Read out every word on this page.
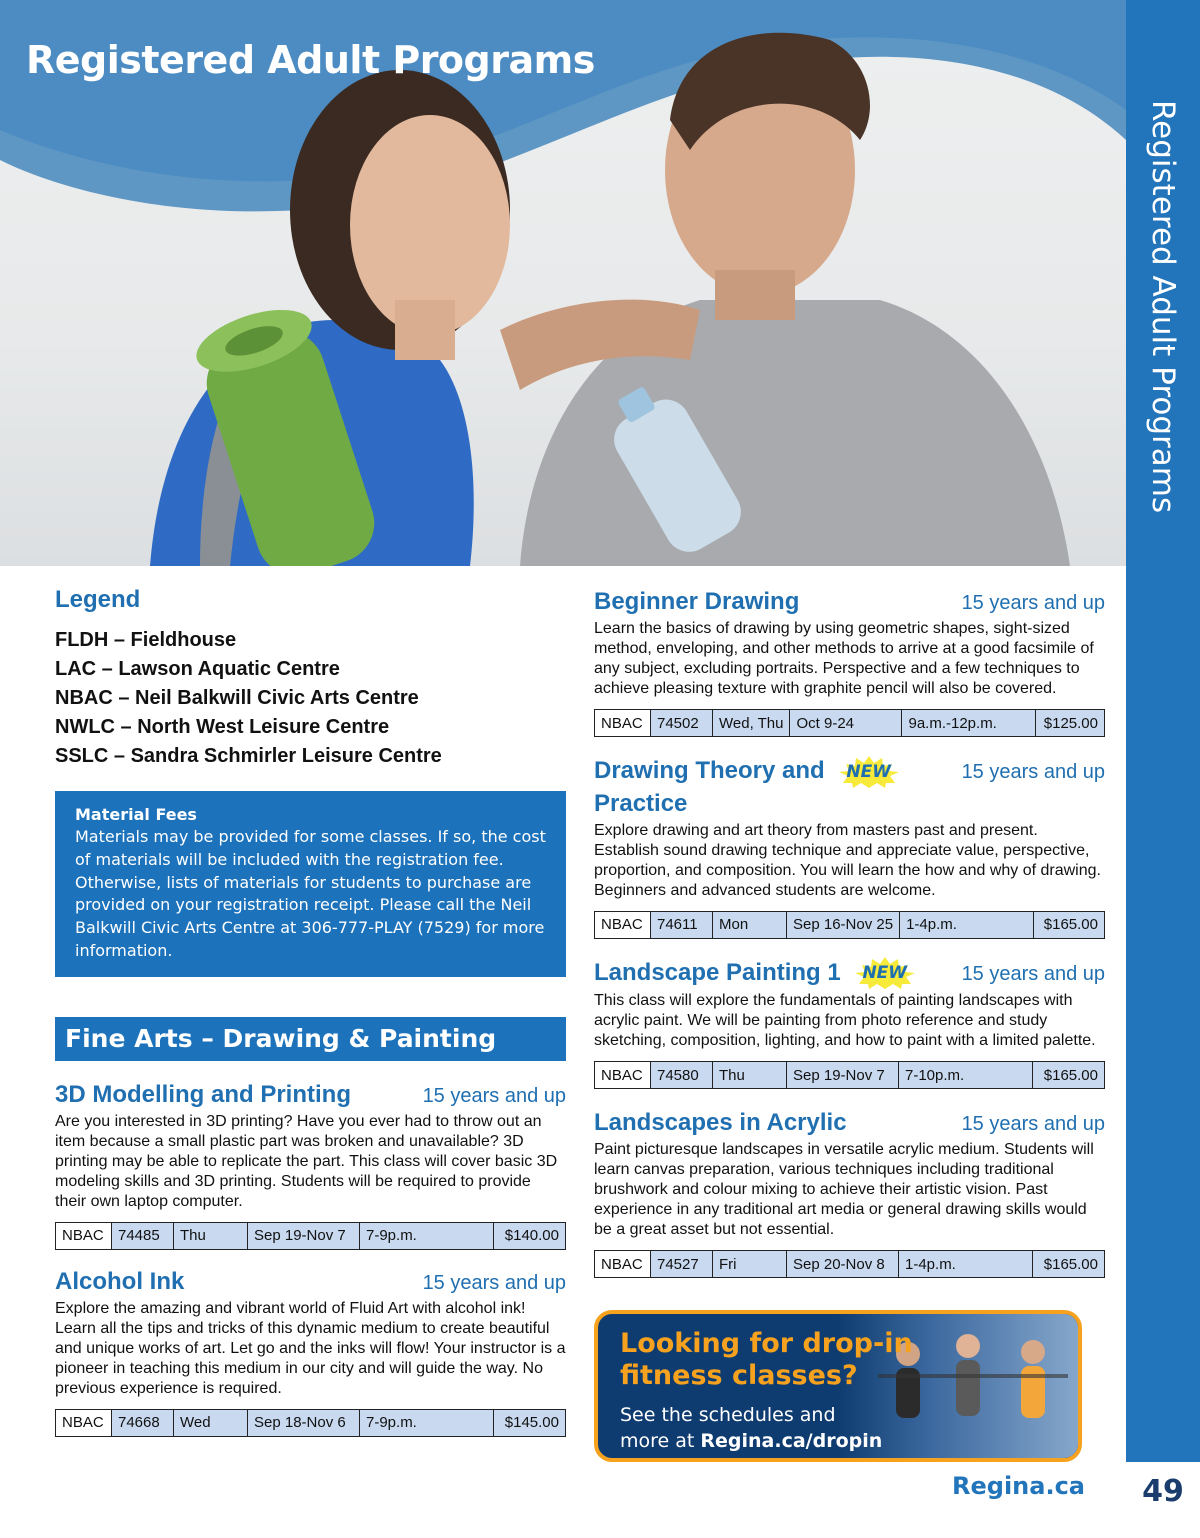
Registered Adult Programs
Registered Adult Programs
49
Regina.ca
Legend
FLDH – Fieldhouse
LAC – Lawson Aquatic Centre
NBAC – Neil Balkwill Civic Arts Centre
NWLC – North West Leisure Centre
SSLC – Sandra Schmirler Leisure Centre
Material Fees
Materials may be provided for some classes. If so, the cost of materials will be included with the registration fee. Otherwise, lists of materials for students to purchase are provided on your registration receipt. Please call the Neil Balkwill Civic Arts Centre at 306-777-PLAY (7529) for more information.
Fine Arts – Drawing & Painting
3D Modelling and Printing	15 years and up
Are you interested in 3D printing? Have you ever had to throw out an item because a small plastic part was broken and unavailable? 3D printing may be able to replicate the part. This class will cover basic 3D modeling skills and 3D printing. Students will be required to provide their own laptop computer.
NBAC	74485	Thu	Sep 19-Nov 7	7-9p.m.	$140.00
Alcohol Ink	15 years and up
Explore the amazing and vibrant world of Fluid Art with alcohol ink! Learn all the tips and tricks of this dynamic medium to create beautiful and unique works of art. Let go and the inks will flow! Your instructor is a pioneer in teaching this medium in our city and will guide the way. No previous experience is required.
NBAC	74668	Wed	Sep 18-Nov 6	7-9p.m.	$145.00
Beginner Drawing	15 years and up
Learn the basics of drawing by using geometric shapes, sight-sized method, enveloping, and other methods to arrive at a good facsimile of any subject, excluding portraits. Perspective and a few techniques to achieve pleasing texture with graphite pencil will also be covered.
NBAC	74502	Wed, Thu	Oct 9-24	9a.m.-12p.m.	$125.00
Drawing Theory and	NEW	15 years and up
Practice
Explore drawing and art theory from masters past and present. Establish sound drawing technique and appreciate value, perspective, proportion, and composition. You will learn the how and why of drawing. Beginners and advanced students are welcome.
NBAC	74611	Mon	Sep 16-Nov 25	1-4p.m.	$165.00
Landscape Painting 1	NEW	15 years and up
This class will explore the fundamentals of painting landscapes with acrylic paint. We will be painting from photo reference and study sketching, composition, lighting, and how to paint with a limited palette.
NBAC	74580	Thu	Sep 19-Nov 7	7-10p.m.	$165.00
Landscapes in Acrylic	15 years and up
Paint picturesque landscapes in versatile acrylic medium. Students will learn canvas preparation, various techniques including traditional brushwork and colour mixing to achieve their artistic vision. Past experience in any traditional art media or general drawing skills would be a great asset but not essential.
NBAC	74527	Fri	Sep 20-Nov 8	1-4p.m.	$165.00
Looking for drop-in
fitness classes?
See the schedules and
more at Regina.ca/dropin
